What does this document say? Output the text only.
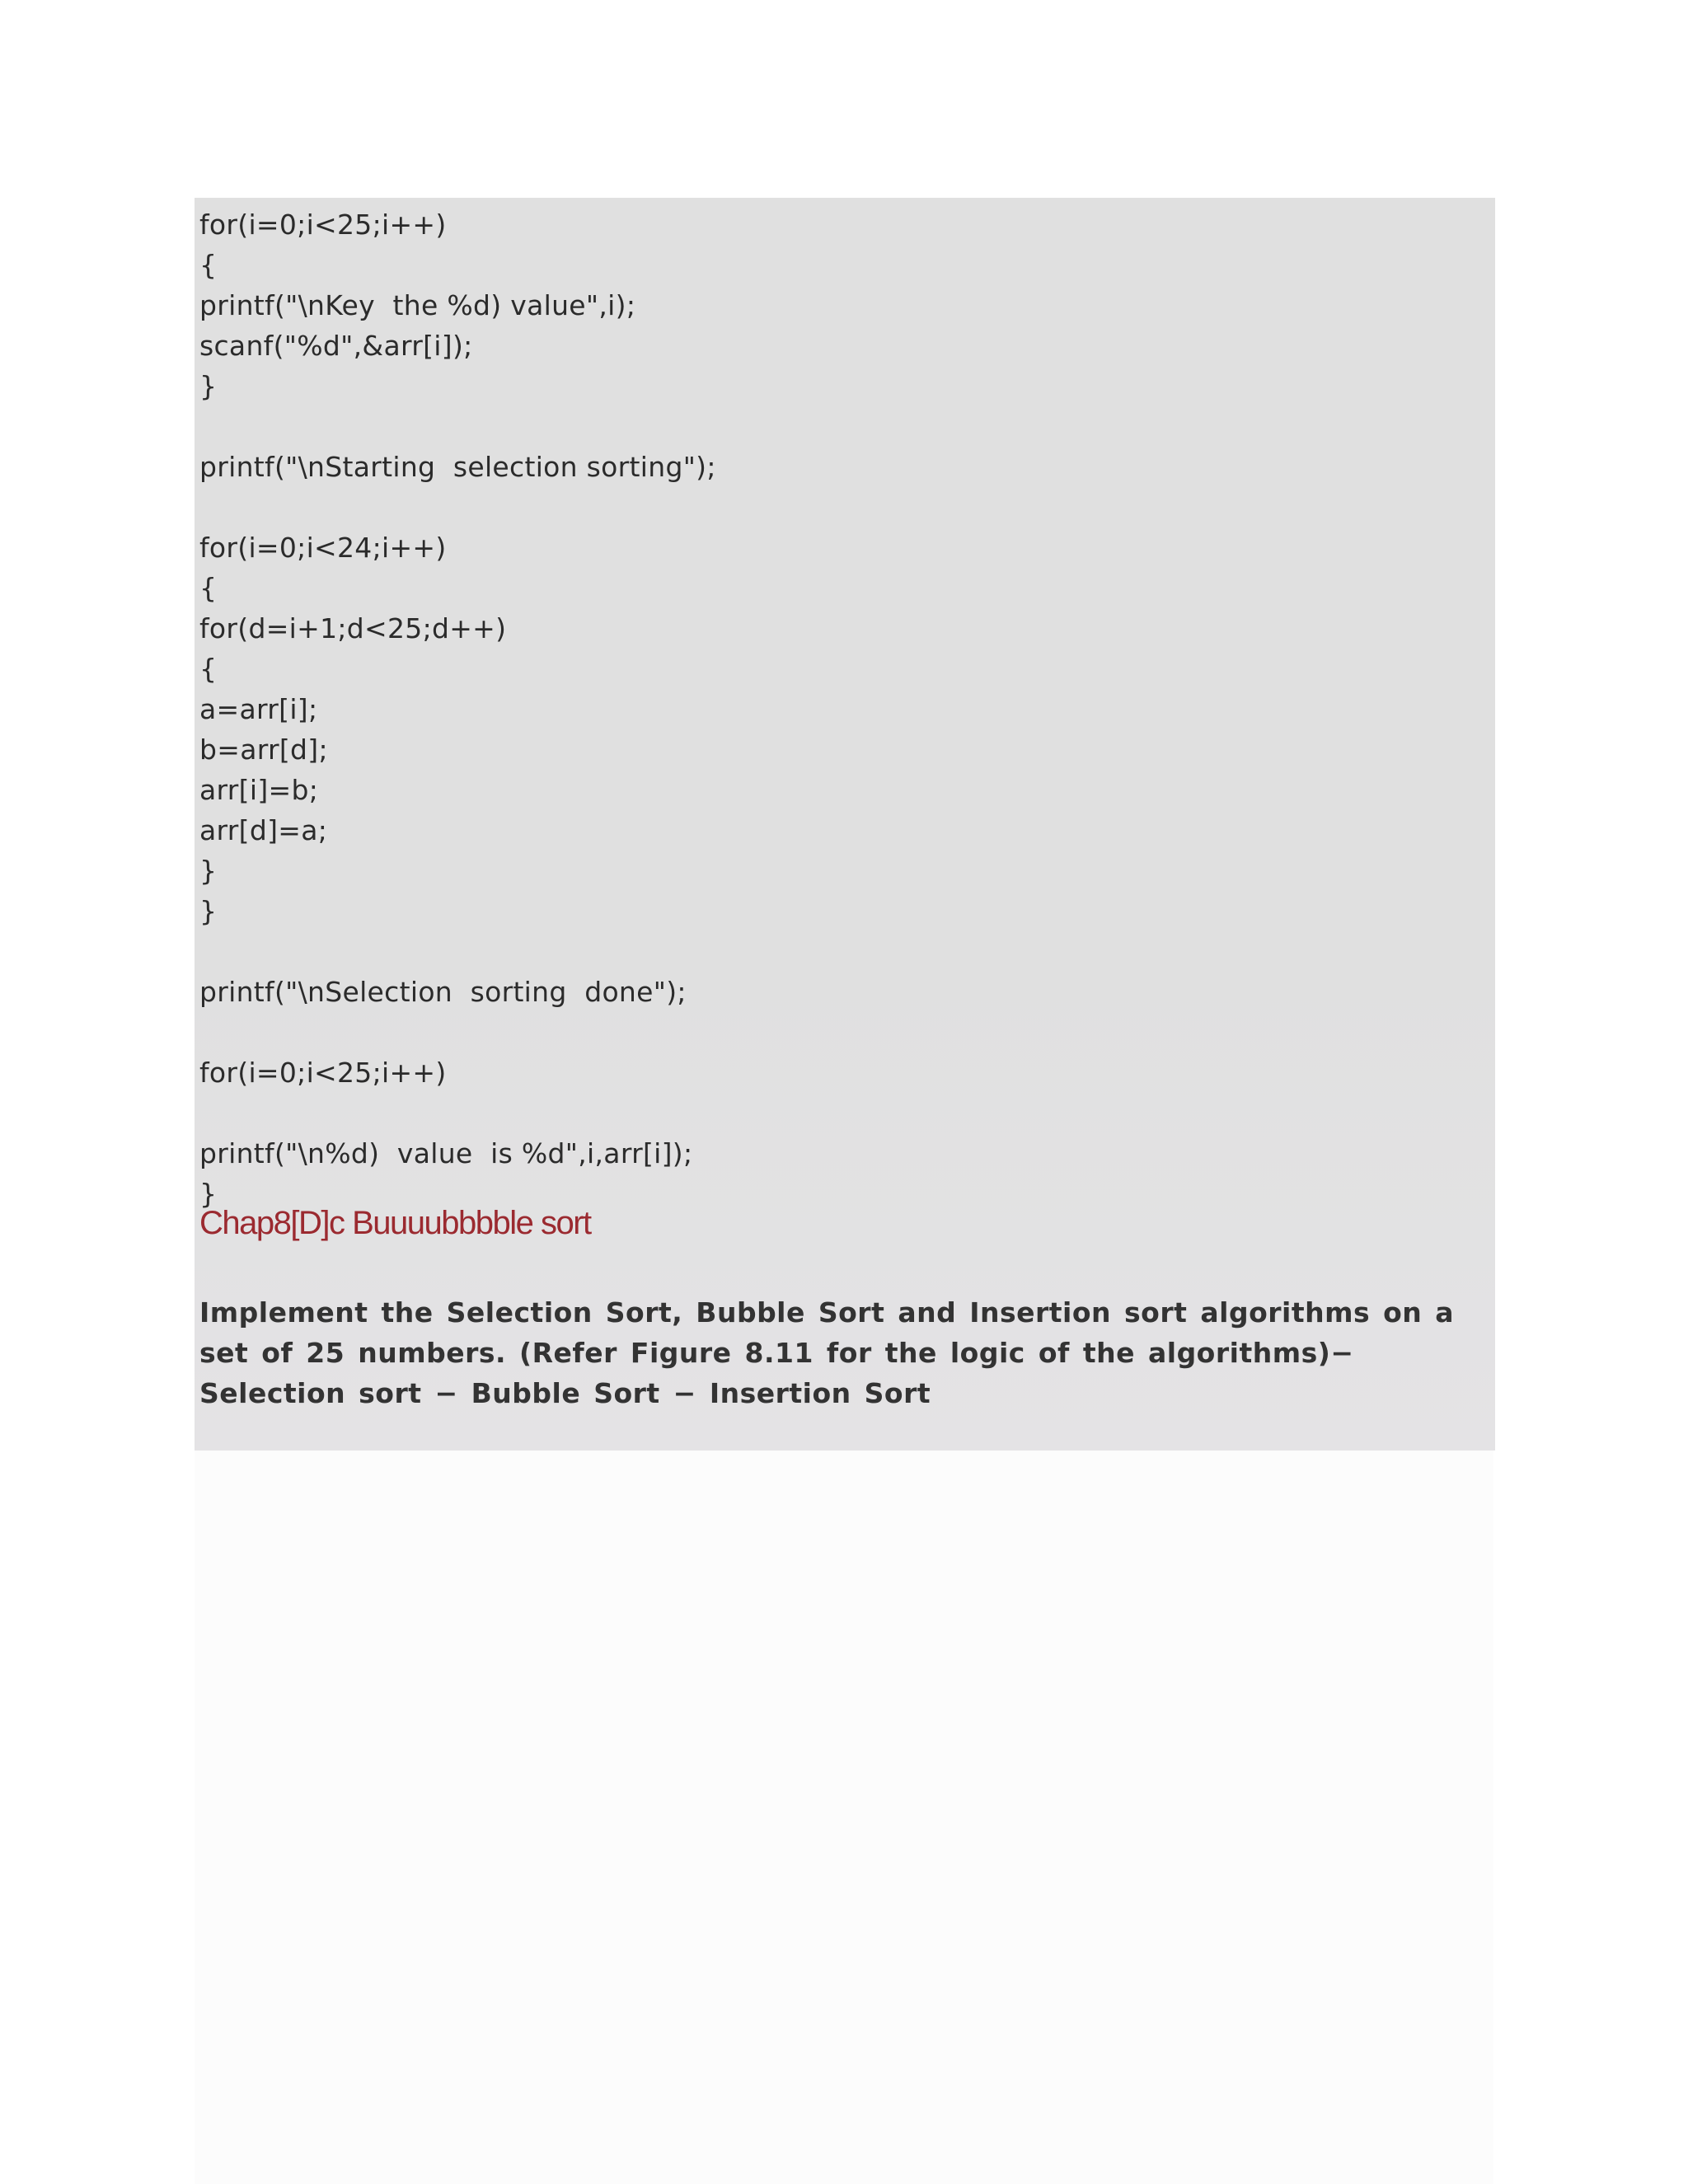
for(i=0;i<25;i++)
{
printf("\nKey  the %d) value",i);
scanf("%d",&arr[i]);
}
printf("\nStarting  selection sorting");
for(i=0;i<24;i++)
{
for(d=i+1;d<25;d++)
{
a=arr[i];
b=arr[d];
arr[i]=b;
arr[d]=a;
}
}
printf("\nSelection  sorting  done");
for(i=0;i<25;i++)
printf("\n%d)  value  is %d",i,arr[i]);
}
Chap8[D]c Buuuubbbble sort

Implement the Selection Sort, Bubble Sort and Insertion sort algorithms on a set of 25 numbers. (Refer Figure 8.11 for the logic of the algorithms)− Selection sort − Bubble Sort − Insertion Sort
